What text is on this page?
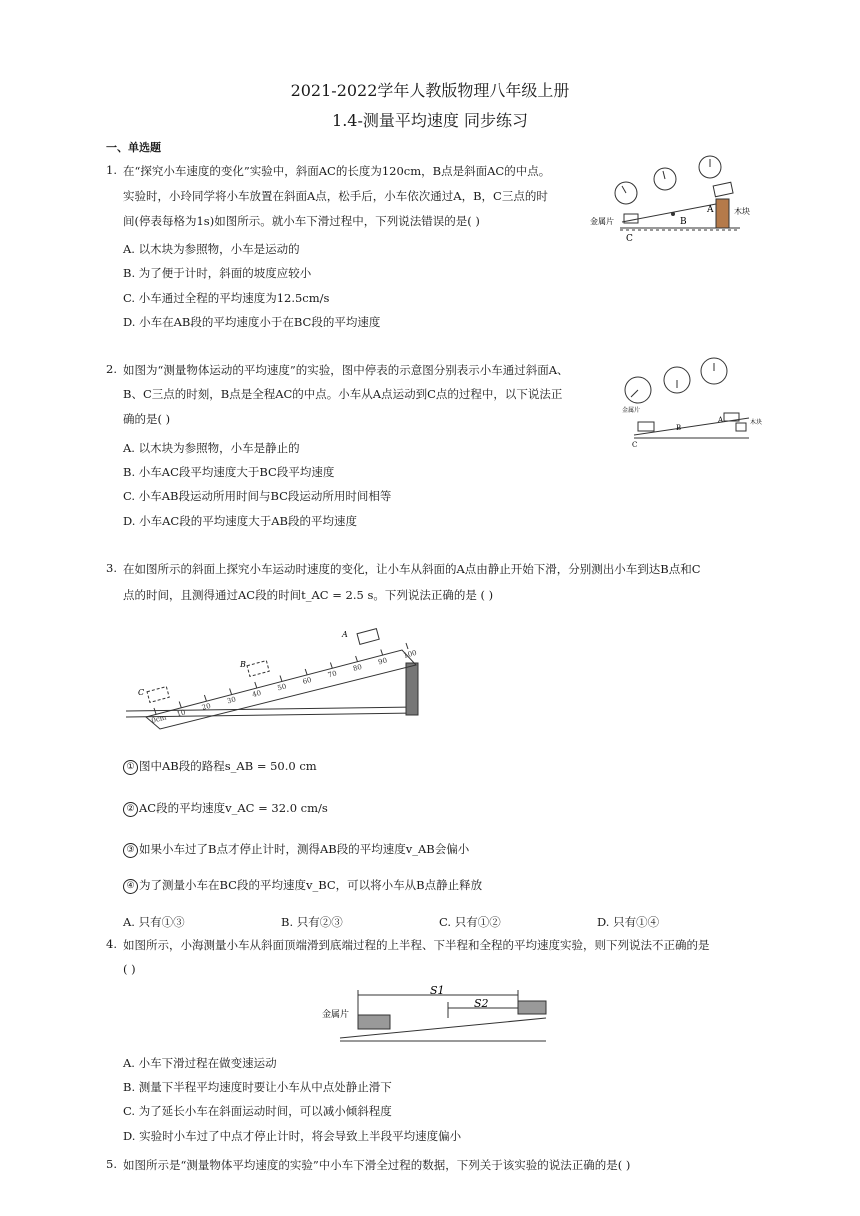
2021-2022学年人教版物理八年级上册
1.4-测量平均速度 同步练习
一、单选题
1. 在“探究小车速度的变化”实验中，斜面AC的长度为120cm，B点是斜面AC的中点。
实验时，小玲同学将小车放置在斜面A点，松手后，小车依次通过A，B，C三点的时
间(停表每格为1s)如图所示。就小车下滑过程中，下列说法错误的是( )
A. 以木块为参照物，小车是运动的
B. 为了便于计时，斜面的坡度应较小
C. 小车通过全程的平均速度为12.5cm/s
D. 小车在AB段的平均速度小于在BC段的平均速度
金属片
C
B
A	木块
2. 如图为“测量物体运动的平均速度”的实验，图中停表的示意图分别表示小车通过斜面A、
B、C三点的时刻，B点是全程AC的中点。小车从A点运动到C点的过程中，以下说法正
确的是( )
A. 以木块为参照物，小车是静止的
B. 小车AC段平均速度大于BC段平均速度
C. 小车AB段运动所用时间与BC段运动所用时间相等
D. 小车AC段的平均速度大于AB段的平均速度
金属片
C
B
A	木块
3. 在如图所示的斜面上探究小车运动时速度的变化，让小车从斜面的A点由静止开始下滑，分别测出小车到达B点和C
点的时间，且测得通过AC段的时间t_AC = 2.5 s。下列说法正确的是 ( )
0cm 10
20
30
40
50
60
70
80
90
100
A
B
C
① 图中AB段的路程s_AB = 50.0 cm
② AC段的平均速度v_AC = 32.0 cm/s
③ 如果小车过了B点才停止计时，测得AB段的平均速度v_AB会偏小
④ 为了测量小车在BC段的平均速度v_BC，可以将小车从B点静止释放
A. 只有①③	B. 只有②③	C. 只有①②	D. 只有①④
4. 如图所示，小海测量小车从斜面顶端滑到底端过程的上半程、下半程和全程的平均速度实验，则下列说法不正确的是
( )
金属片
S1
S2
A. 小车下滑过程在做变速运动
B. 测量下半程平均速度时要让小车从中点处静止滑下
C. 为了延长小车在斜面运动时间，可以减小倾斜程度
D. 实验时小车过了中点才停止计时，将会导致上半段平均速度偏小
5. 如图所示是“测量物体平均速度的实验”中小车下滑全过程的数据，下列关于该实验的说法正确的是( )
